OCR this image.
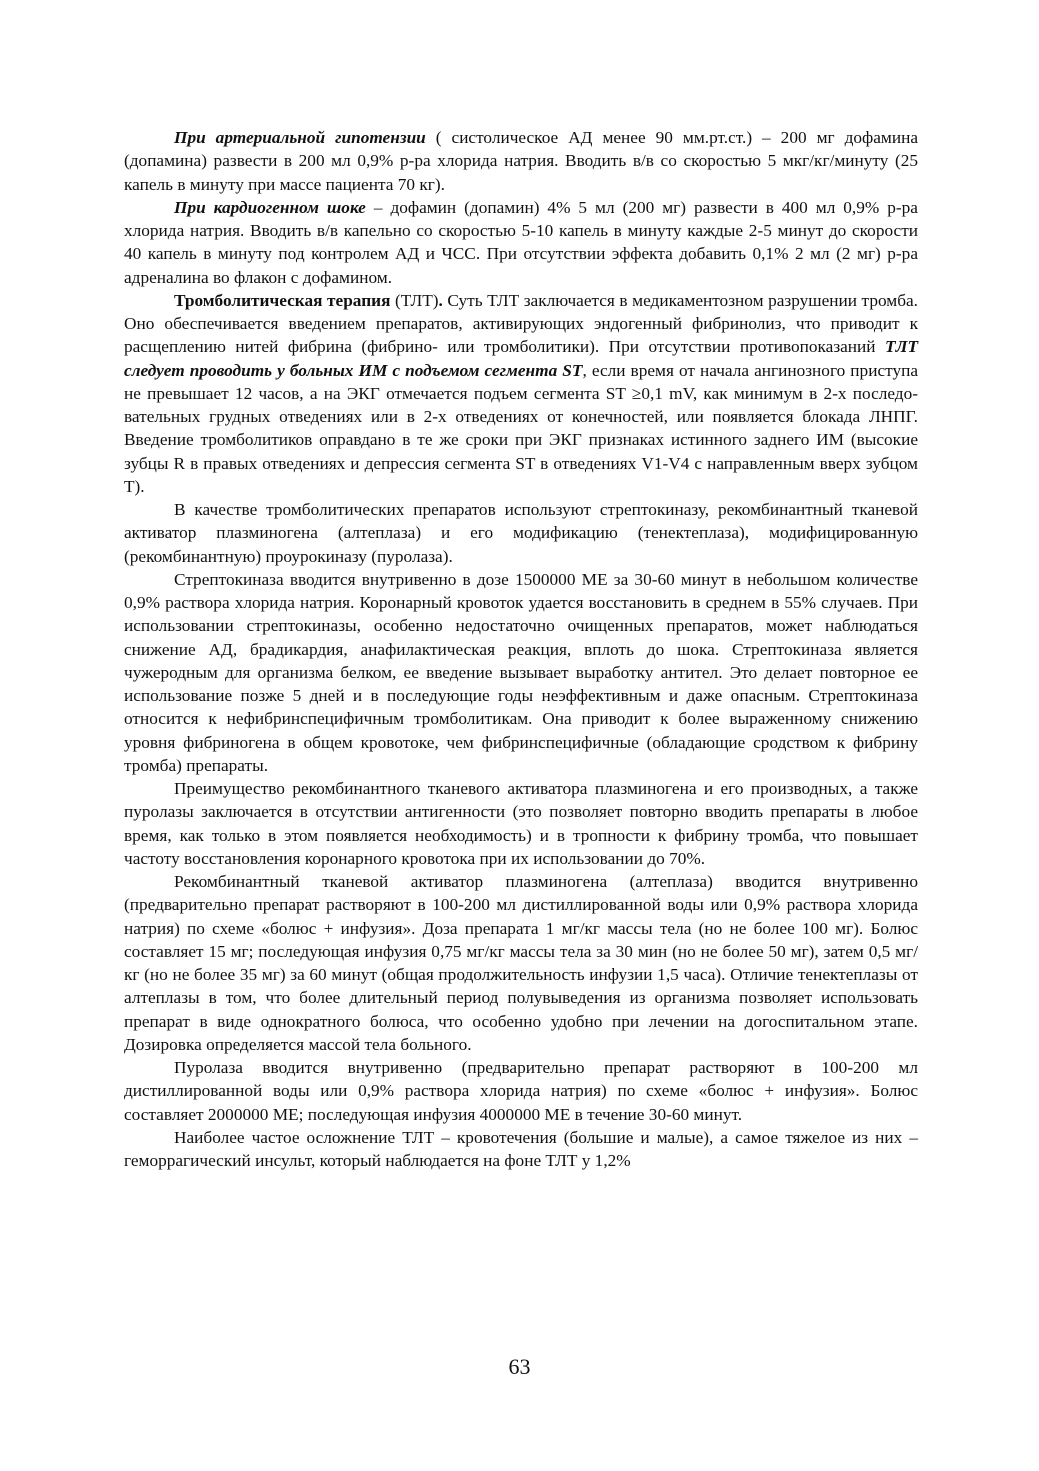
При артериальной гипотензии ( систолическое АД менее 90 мм.рт.ст.) – 200 мг дофамина (допамина) развести в 200 мл 0,9% р-ра хлорида натрия. Вводить в/в со скоростью 5 мкг/кг/минуту (25 капель в минуту при массе пациента 70 кг).

При кардиогенном шоке – дофамин (допамин) 4% 5 мл (200 мг) развести в 400 мл 0,9% р-ра хлорида натрия. Вводить в/в капельно со скоростью 5-10 капель в минуту каждые 2-5 минут до скорости 40 капель в минуту под контролем АД и ЧСС. При отсутствии эффекта добавить 0,1% 2 мл (2 мг) р-ра адреналина во флакон с дофамином.

Тромболитическая терапия (ТЛТ). Суть ТЛТ заключается в медикаментозном разрушении тромба. Оно обеспечивается введением препаратов, активирующих эндогенный фибринолиз, что приводит к расщеплению нитей фибрина (фибрино- или тромболитики). При отсутствии противопоказаний ТЛТ следует проводить у больных ИМ с подъемом сегмента ST, если время от начала ангинозного приступа не превышает 12 часов, а на ЭКГ отмечается подъем сегмента ST ≥0,1 mV, как минимум в 2-х последовательных грудных отведениях или в 2-х отведениях от конечностей, или появляется блокада ЛНПГ. Введение тромболитиков оправдано в те же сроки при ЭКГ признаках истинного заднего ИМ (высокие зубцы R в правых отведениях и депрессия сегмента ST в отведениях V1-V4 с направленным вверх зубцом Т).

В качестве тромболитических препаратов используют стрептокиназу, рекомбинантный тканевой активатор плазминогена (алтеплаза) и его модификацию (тенектеплаза), модифицированную (рекомбинантную) проурокиназу (пуролаза).

Стрептокиназа вводится внутривенно в дозе 1500000 МЕ за 30-60 минут в небольшом количестве 0,9% раствора хлорида натрия. Коронарный кровоток удается восстановить в среднем в 55% случаев. При использовании стрептокиназы, особенно недостаточно очищенных препаратов, может наблюдаться снижение АД, брадикардия, анафилактическая реакция, вплоть до шока. Стрептокиназа является чужеродным для организма белком, ее введение вызывает выработку антител. Это делает повторное ее использование позже 5 дней и в последующие годы неэффективным и даже опасным. Стрептокиназа относится к нефибринспецифичным тромболитикам. Она приводит к более выраженному снижению уровня фибриногена в общем кровотоке, чем фибринспецифичные (обладающие сродством к фибрину тромба) препараты.

Преимущество рекомбинантного тканевого активатора плазминогена и его производных, а также пуролазы заключается в отсутствии антигенности (это позволяет повторно вводить препараты в любое время, как только в этом появляется необходимость) и в тропности к фибрину тромба, что повышает частоту восстановления коронарного кровотока при их использовании до 70%.

Рекомбинантный тканевой активатор плазминогена (алтеплаза) вводится внутривенно (предварительно препарат растворяют в 100-200 мл дистиллированной воды или 0,9% раствора хлорида натрия) по схеме «болюс + инфузия». Доза препарата 1 мг/кг массы тела (но не более 100 мг). Болюс составляет 15 мг; последующая инфузия 0,75 мг/кг массы тела за 30 мин (но не более 50 мг), затем 0,5 мг/кг (но не более 35 мг) за 60 минут (общая продолжительность инфузии 1,5 часа). Отличие тенектеплазы от алтеплазы в том, что более длительный период полувыведения из организма позволяет использовать препарат в виде однократного болюса, что особенно удобно при лечении на догоспитальном этапе. Дозировка определяется массой тела больного.

Пуролаза вводится внутривенно (предварительно препарат растворяют в 100-200 мл дистиллированной воды или 0,9% раствора хлорида натрия) по схеме «болюс + инфузия». Болюс составляет 2000000 МЕ; последующая инфузия 4000000 МЕ в течение 30-60 минут.

Наиболее частое осложнение ТЛТ – кровотечения (большие и малые), а самое тяжелое из них – геморрагический инсульт, который наблюдается на фоне ТЛТ у 1,2%

63
